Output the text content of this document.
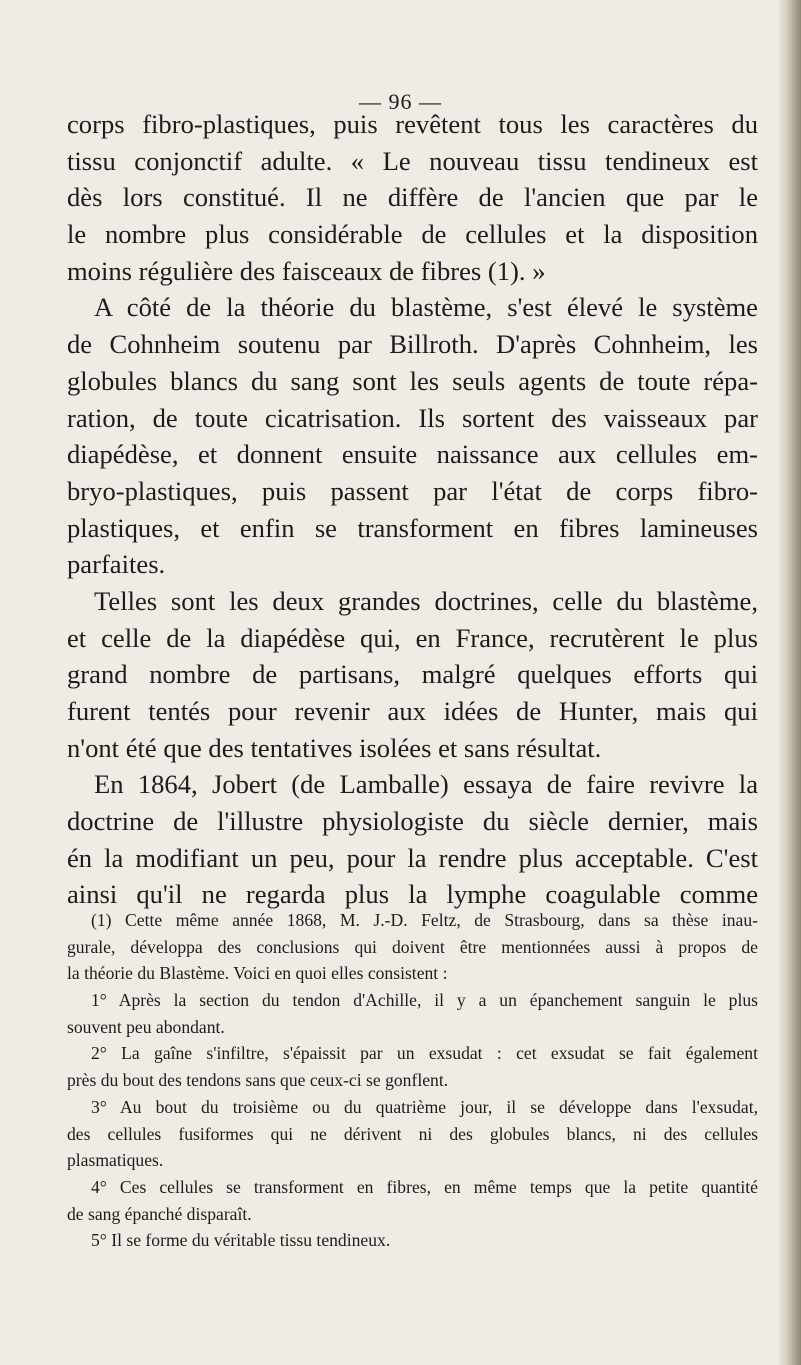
— 96 —
corps fibro-plastiques, puis revêtent tous les caractères du
tissu conjonctif adulte. « Le nouveau tissu tendineux est
dès lors constitué. Il ne diffère de l'ancien que par le
le nombre plus considérable de cellules et la disposition
moins régulière des faisceaux de fibres (1). »
A côté de la théorie du blastème, s'est élevé le système
de Cohnheim soutenu par Billroth. D'après Cohnheim, les
globules blancs du sang sont les seuls agents de toute répa-
ration, de toute cicatrisation. Ils sortent des vaisseaux par
diapédèse, et donnent ensuite naissance aux cellules em-
bryo-plastiques, puis passent par l'état de corps fibro-
plastiques, et enfin se transforment en fibres lamineuses
parfaites.
Telles sont les deux grandes doctrines, celle du blastème,
et celle de la diapédèse qui, en France, recrutèrent le plus
grand nombre de partisans, malgré quelques efforts qui
furent tentés pour revenir aux idées de Hunter, mais qui
n'ont été que des tentatives isolées et sans résultat.
En 1864, Jobert (de Lamballe) essaya de faire revivre la
doctrine de l'illustre physiologiste du siècle dernier, mais
én la modifiant un peu, pour la rendre plus acceptable. C'est
ainsi qu'il ne regarda plus la lymphe coagulable comme
(1) Cette même année 1868, M. J.-D. Feltz, de Strasbourg, dans sa thèse inau-
gurale, développa des conclusions qui doivent être mentionnées aussi à propos de
la théorie du Blastème. Voici en quoi elles consistent :
1° Après la section du tendon d'Achille, il y a un épanchement sanguin le plus
souvent peu abondant.
2° La gaîne s'infiltre, s'épaissit par un exsudat : cet exsudat se fait également
près du bout des tendons sans que ceux-ci se gonflent.
3° Au bout du troisième ou du quatrième jour, il se développe dans l'exsudat,
des cellules fusiformes qui ne dérivent ni des globules blancs, ni des cellules
plasmatiques.
4° Ces cellules se transforment en fibres, en même temps que la petite quantité
de sang épanché disparaît.
5° Il se forme du véritable tissu tendineux.
